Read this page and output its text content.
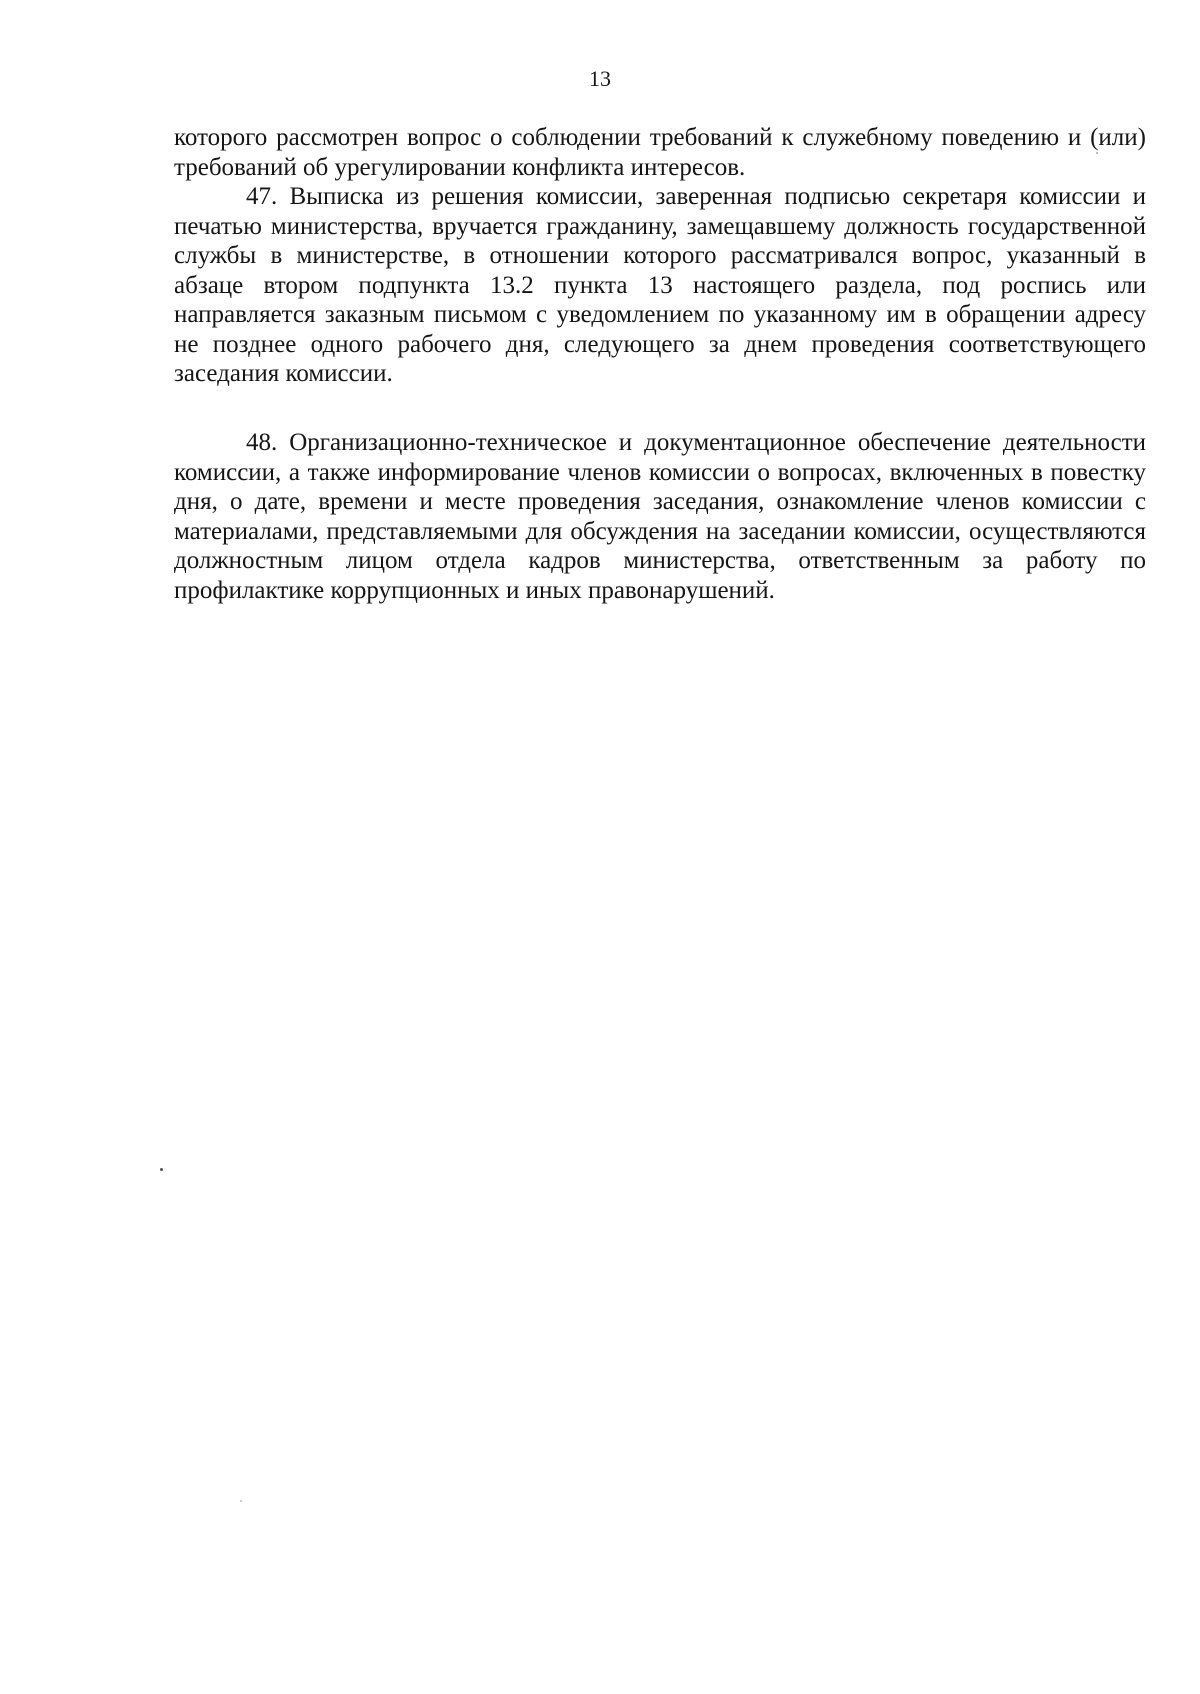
13

которого рассмотрен вопрос о соблюдении требований к служебному поведению и (или) требований об урегулировании конфликта интересов.

47. Выписка из решения комиссии, заверенная подписью секретаря комиссии и печатью министерства, вручается гражданину, замещавшему должность государственной службы в министерстве, в отношении которого рассматривался вопрос, указанный в абзаце втором подпункта 13.2 пункта 13 настоящего раздела, под роспись или направляется заказным письмом с уведомлением по указанному им в обращении адресу не позднее одного рабочего дня, следующего за днем проведения соответствующего заседания комиссии.

48. Организационно-техническое и документационное обеспечение деятельности комиссии, а также информирование членов комиссии о вопросах, включенных в повестку дня, о дате, времени и месте проведения заседания, ознакомление членов комиссии с материалами, представляемыми для обсуждения на заседании комиссии, осуществляются должностным лицом отдела кадров министерства, ответственным за работу по профилактике коррупционных и иных правонарушений.
